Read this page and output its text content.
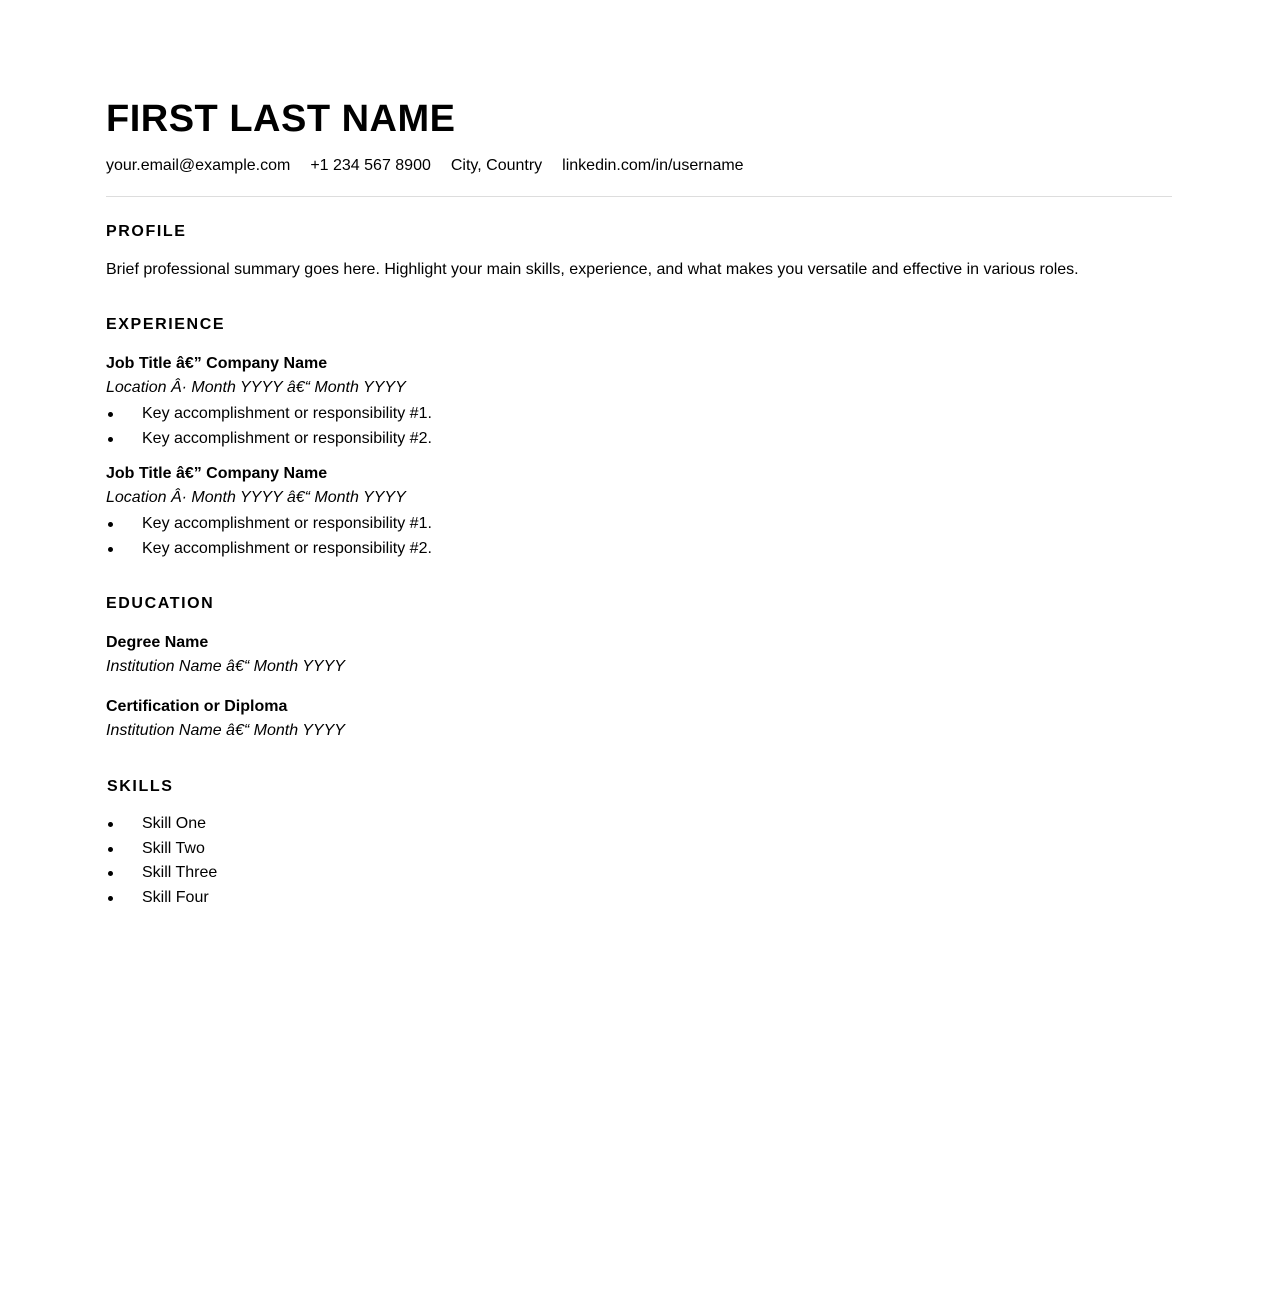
FIRST LAST NAME
your.email@example.com +1 234 567 8900 City, Country linkedin.com/in/username
PROFILE

Brief professional summary goes here. Highlight your main skills, experience, and what makes you versatile and effective in various roles.

EXPERIENCE
Job Title â€” Company Name
Location Â· Month YYYY â€“ Month YYYY
Key accomplishment or responsibility #1.
Key accomplishment or responsibility #2.
Job Title â€” Company Name
Location Â· Month YYYY â€“ Month YYYY
Key accomplishment or responsibility #1.
Key accomplishment or responsibility #2.
EDUCATION
Degree Name
Institution Name â€“ Month YYYY
Certification or Diploma
Institution Name â€“ Month YYYY
SKILLS
Skill One
Skill Two
Skill Three
Skill Four
